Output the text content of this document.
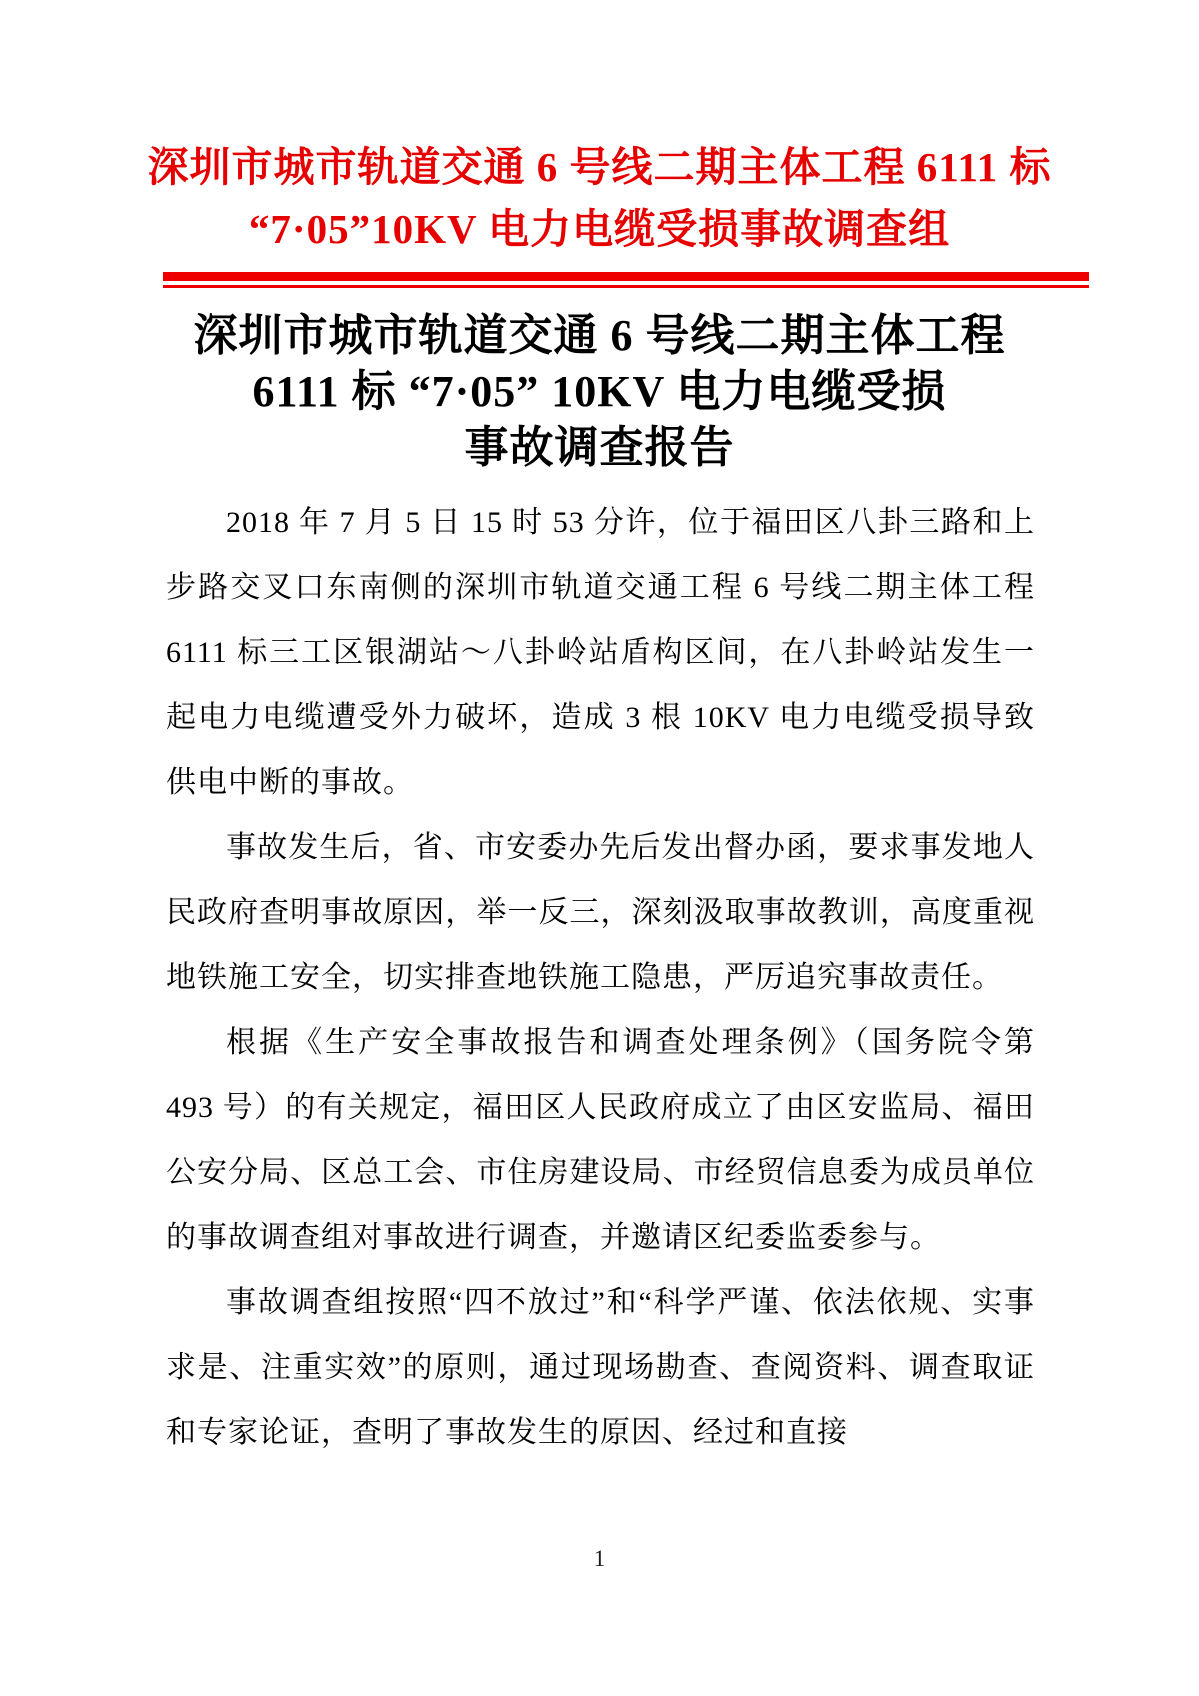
深圳市城市轨道交通 6 号线二期主体工程 6111 标
“7·05”10KV 电力电缆受损事故调查组
深圳市城市轨道交通 6 号线二期主体工程
6111 标 “7·05” 10KV 电力电缆受损
事故调查报告

2018 年 7 月 5 日 15 时 53 分许，位于福田区八卦三路和上步路交叉口东南侧的深圳市轨道交通工程 6 号线二期主体工程 6111 标三工区银湖站～八卦岭站盾构区间，在八卦岭站发生一起电力电缆遭受外力破坏，造成 3 根 10KV 电力电缆受损导致供电中断的事故。

事故发生后，省、市安委办先后发出督办函，要求事发地人民政府查明事故原因，举一反三，深刻汲取事故教训，高度重视地铁施工安全，切实排查地铁施工隐患，严厉追究事故责任。

根据《生产安全事故报告和调查处理条例》（国务院令第 493 号）的有关规定，福田区人民政府成立了由区安监局、福田公安分局、区总工会、市住房建设局、市经贸信息委为成员单位的事故调查组对事故进行调查，并邀请区纪委监委参与。

事故调查组按照“四不放过”和“科学严谨、依法依规、实事求是、注重实效”的原则，通过现场勘查、查阅资料、调查取证和专家论证，查明了事故发生的原因、经过和直接

1
